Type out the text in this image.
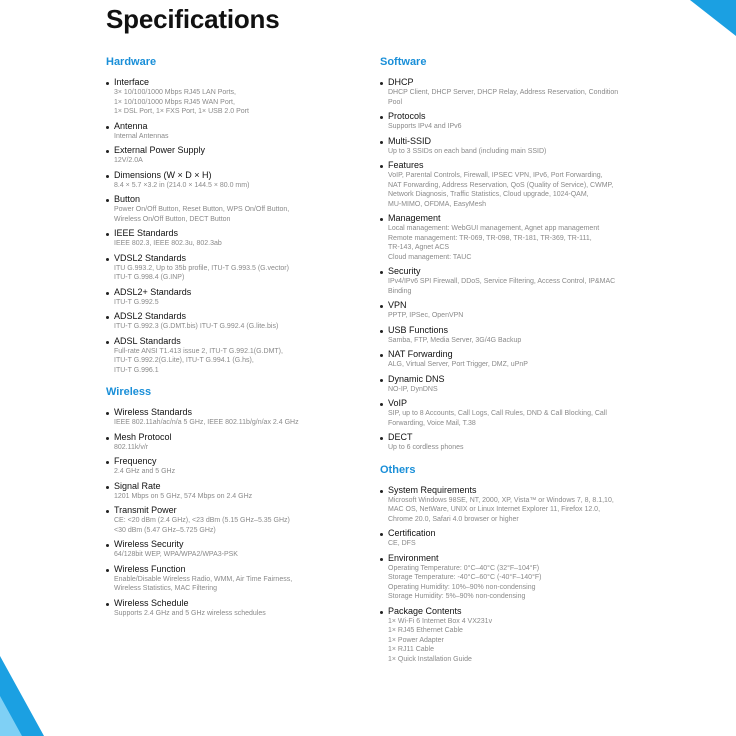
Specifications
Hardware
Interface
3× 10/100/1000 Mbps RJ45 LAN Ports,
1× 10/100/1000 Mbps RJ45 WAN Port,
1× DSL Port, 1× FXS Port, 1× USB 2.0 Port
Antenna
Internal Antennas
External Power Supply
12V/2.0A
Dimensions (W × D × H)
8.4 × 5.7 ×3.2 in (214.0 × 144.5 × 80.0 mm)
Button
Power On/Off Button, Reset Button, WPS On/Off Button,
Wireless On/Off Button, DECT Button
IEEE Standards
IEEE 802.3, IEEE 802.3u, 802.3ab
VDSL2 Standards
ITU G.993.2, Up to 35b profile, ITU-T G.993.5 (G.vector)
ITU-T G.998.4 (G.INP)
ADSL2+ Standards
ITU-T G.992.5
ADSL2 Standards
ITU-T G.992.3 (G.DMT.bis) ITU-T G.992.4 (G.lite.bis)
ADSL Standards
Full-rate ANSI T1.413 issue 2, ITU-T G.992.1(G.DMT),
ITU-T G.992.2(G.Lite), ITU-T G.994.1 (G.hs),
ITU-T G.996.1
Wireless
Wireless Standards
IEEE 802.11ah/ac/n/a 5 GHz, IEEE 802.11b/g/n/ax 2.4 GHz
Mesh Protocol
802.11k/v/r
Frequency
2.4 GHz and 5 GHz
Signal Rate
1201 Mbps on 5 GHz, 574 Mbps on 2.4 GHz
Transmit Power
CE: <20 dBm (2.4 GHz), <23 dBm (5.15 GHz–5.35 GHz)
<30 dBm (5.47 GHz–5.725 GHz)
Wireless Security
64/128bit WEP, WPA/WPA2/WPA3-PSK
Wireless Function
Enable/Disable Wireless Radio, WMM, Air Time Fairness,
Wireless Statistics, MAC Filtering
Wireless Schedule
Supports 2.4 GHz and 5 GHz wireless schedules
Software
DHCP
DHCP Client, DHCP Server, DHCP Relay, Address Reservation, Condition
Pool
Protocols
Supports IPv4 and IPv6
Multi-SSID
Up to 3 SSIDs on each band (including main SSID)
Features
VoIP, Parental Controls, Firewall, IPSEC VPN, IPv6, Port Forwarding,
NAT Forwarding, Address Reservation, QoS (Quality of Service), CWMP,
Network Diagnosis, Traffic Statistics, Cloud upgrade, 1024-QAM,
MU-MIMO, OFDMA, EasyMesh
Management
Local management: WebGUI management, Agnet app management
Remote management: TR-069, TR-098, TR-181, TR-369, TR-111,
TR-143, Agnet ACS
Cloud management: TAUC
Security
IPv4/IPv6 SPI Firewall, DDoS, Service Filtering, Access Control, IP&MAC
Binding
VPN
PPTP, IPSec, OpenVPN
USB Functions
Samba, FTP, Media Server, 3G/4G Backup
NAT Forwarding
ALG, Virtual Server, Port Trigger, DMZ, uPnP
Dynamic DNS
NO-IP, DynDNS
VoIP
SIP, up to 8 Accounts, Call Logs, Call Rules, DND & Call Blocking, Call
Forwarding, Voice Mail, T.38
DECT
Up to 6 cordless phones
Others
System Requirements
Microsoft Windows 98SE, NT, 2000, XP, Vista™ or Windows 7, 8, 8.1,10,
MAC OS, NetWare, UNIX or Linux Internet Explorer 11, Firefox 12.0,
Chrome 20.0, Safari 4.0 browser or higher
Certification
CE, DFS
Environment
Operating Temperature: 0°C–40°C (32°F–104°F)
Storage Temperature: -40°C–60°C (-40°F–140°F)
Operating Humidity: 10%–90% non-condensing
Storage Humidity: 5%–90% non-condensing
Package Contents
1× Wi-Fi 6 Internet Box 4 VX231v
1× RJ45 Ethernet Cable
1× Power Adapter
1× RJ11 Cable
1× Quick Installation Guide
